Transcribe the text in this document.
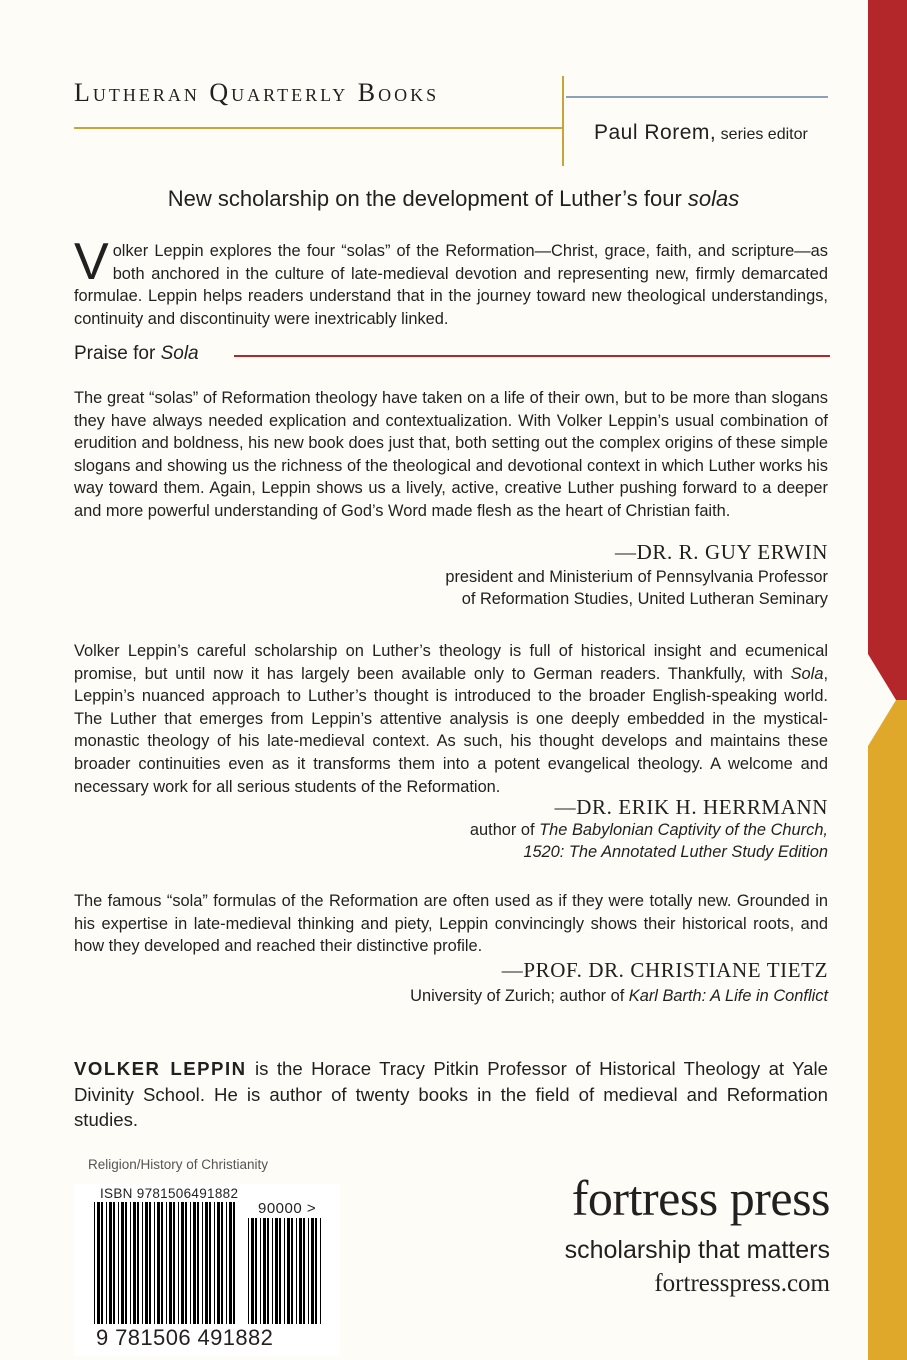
Lutheran Quarterly Books
Paul Rorem, series editor
New scholarship on the development of Luther’s four solas
Volker Leppin explores the four “solas” of the Reformation—Christ, grace, faith, and scripture—as both anchored in the culture of late-medieval devotion and representing new, firmly demarcated formulae. Leppin helps readers understand that in the journey toward new theological understandings, continuity and discontinuity were inextricably linked.
Praise for Sola
The great “solas” of Reformation theology have taken on a life of their own, but to be more than slogans they have always needed explication and contextualization. With Volker Leppin’s usual combination of erudition and boldness, his new book does just that, both setting out the complex origins of these simple slogans and showing us the richness of the theological and devotional context in which Luther works his way toward them. Again, Leppin shows us a lively, active, creative Luther pushing forward to a deeper and more powerful understanding of God’s Word made flesh as the heart of Christian faith.
—DR. R. GUY ERWIN
president and Ministerium of Pennsylvania Professor
of Reformation Studies, United Lutheran Seminary
Volker Leppin’s careful scholarship on Luther’s theology is full of historical insight and ecumenical promise, but until now it has largely been available only to German readers. Thankfully, with Sola, Leppin’s nuanced approach to Luther’s thought is introduced to the broader English-speaking world. The Luther that emerges from Leppin’s attentive analysis is one deeply embedded in the mystical-monastic theology of his late-medieval context. As such, his thought develops and maintains these broader continuities even as it transforms them into a potent evangelical theology. A welcome and necessary work for all serious students of the Reformation.
—DR. ERIK H. HERRMANN
author of The Babylonian Captivity of the Church,
1520: The Annotated Luther Study Edition
The famous “sola” formulas of the Reformation are often used as if they were totally new. Grounded in his expertise in late-medieval thinking and piety, Leppin convincingly shows their historical roots, and how they developed and reached their distinctive profile.
—PROF. DR. CHRISTIANE TIETZ
University of Zurich; author of Karl Barth: A Life in Conflict
VOLKER LEPPIN is the Horace Tracy Pitkin Professor of Historical Theology at Yale Divinity School. He is author of twenty books in the field of medieval and Reformation studies.
Religion/History of Christianity
ISBN 9781506491882
90000 >
9 781506 491882
fortress press
scholarship that matters
fortresspress.com
